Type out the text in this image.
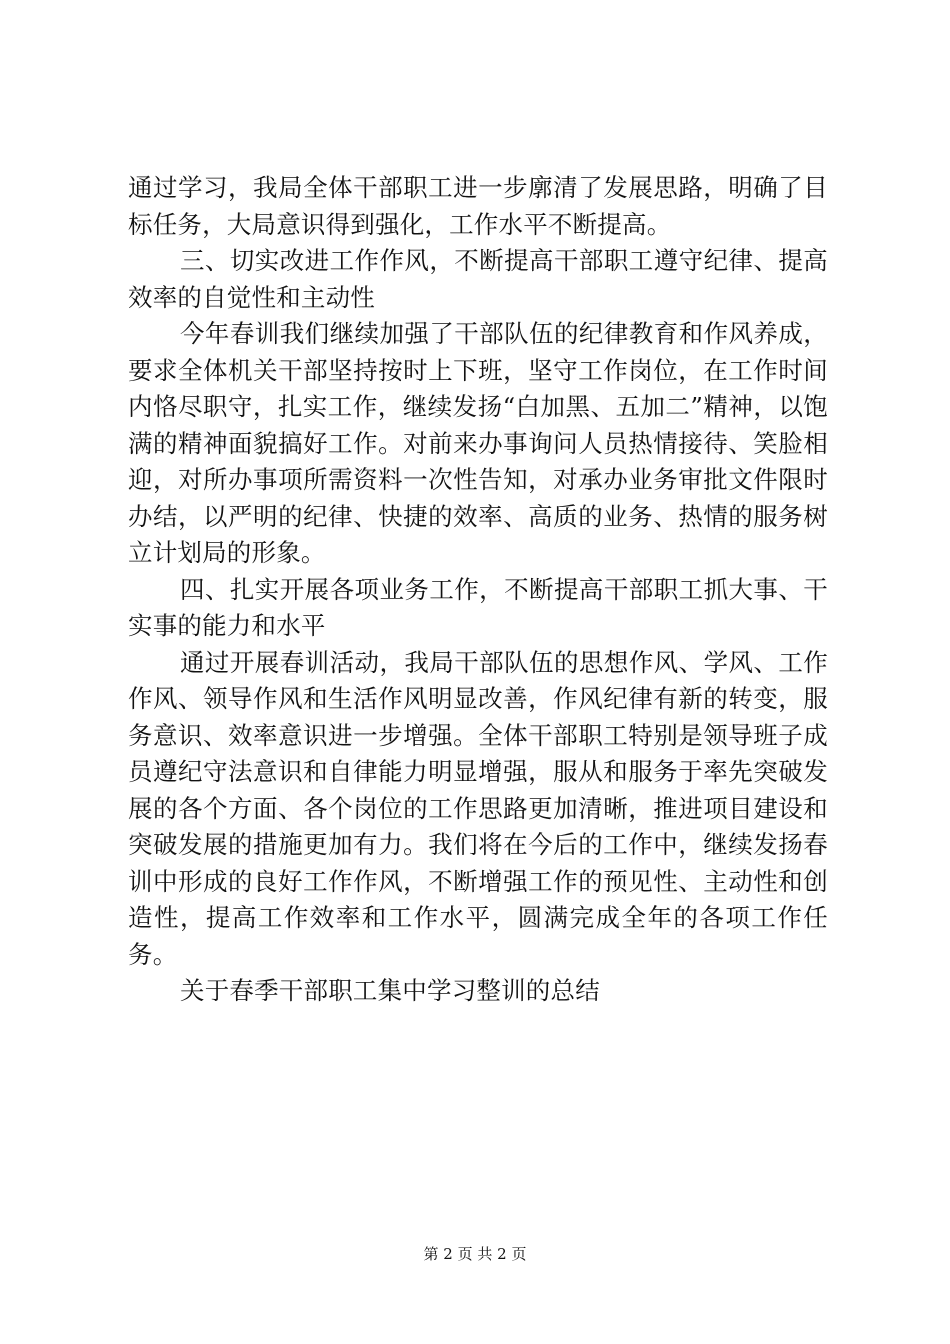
通过学习，我局全体干部职工进一步廓清了发展思路，明确了目标任务，大局意识得到强化，工作水平不断提高。

三、切实改进工作作风，不断提高干部职工遵守纪律、提高效率的自觉性和主动性

今年春训我们继续加强了干部队伍的纪律教育和作风养成，要求全体机关干部坚持按时上下班，坚守工作岗位，在工作时间内恪尽职守，扎实工作，继续发扬“白加黑、五加二”精神，以饱满的精神面貌搞好工作。对前来办事询问人员热情接待、笑脸相迎，对所办事项所需资料一次性告知，对承办业务审批文件限时办结，以严明的纪律、快捷的效率、高质的业务、热情的服务树立计划局的形象。

四、扎实开展各项业务工作，不断提高干部职工抓大事、干实事的能力和水平

通过开展春训活动，我局干部队伍的思想作风、学风、工作作风、领导作风和生活作风明显改善，作风纪律有新的转变，服务意识、效率意识进一步增强。全体干部职工特别是领导班子成员遵纪守法意识和自律能力明显增强，服从和服务于率先突破发展的各个方面、各个岗位的工作思路更加清晰，推进项目建设和突破发展的措施更加有力。我们将在今后的工作中，继续发扬春训中形成的良好工作作风，不断增强工作的预见性、主动性和创造性，提高工作效率和工作水平，圆满完成全年的各项工作任务。

关于春季干部职工集中学习整训的总结

第 2 页 共 2 页
